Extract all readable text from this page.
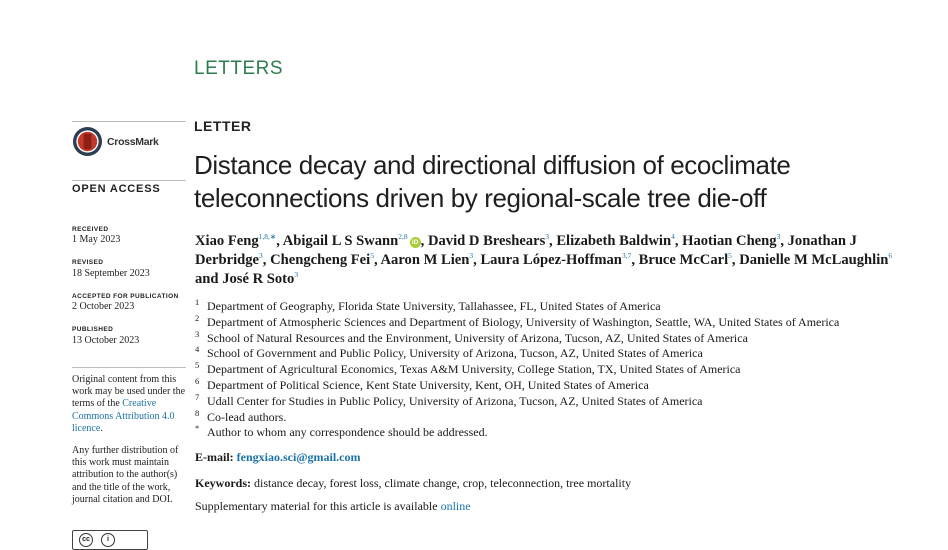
LETTERS
CrossMark
OPEN ACCESS
RECEIVED
1 May 2023
REVISED
18 September 2023
ACCEPTED FOR PUBLICATION
2 October 2023
PUBLISHED
13 October 2023
Original content from this work may be used under the terms of the Creative Commons Attribution 4.0 licence.
Any further distribution of this work must maintain attribution to the author(s) and the title of the work, journal citation and DOI.
cc	i
LETTER
Distance decay and directional diffusion of ecoclimate teleconnections driven by regional-scale tree die-off
Xiao Feng$^{1,8,∗}$, Abigail L S Swann$^{2,8}$iD , David D Breshears$^3$, Elizabeth Baldwin$^4$, Haotian Cheng$^3$, Jonathan J Derbridge$^3$, Chengcheng Fei$^5$, Aaron M Lien$^3$, Laura López-Hoffman$^{3,7}$, Bruce McCarl$^5$, Danielle M McLaughlin$^6$ and José R Soto$^3$
1 Department of Geography, Florida State University, Tallahassee, FL, United States of America
2 Department of Atmospheric Sciences and Department of Biology, University of Washington, Seattle, WA, United States of America
3 School of Natural Resources and the Environment, University of Arizona, Tucson, AZ, United States of America
4 School of Government and Public Policy, University of Arizona, Tucson, AZ, United States of America
5 Department of Agricultural Economics, Texas A&M University, College Station, TX, United States of America
6 Department of Political Science, Kent State University, Kent, OH, United States of America
7 Udall Center for Studies in Public Policy, University of Arizona, Tucson, AZ, United States of America
8 Co-lead authors.
* Author to whom any correspondence should be addressed.
E-mail: fengxiao.sci@gmail.com
Keywords: distance decay, forest loss, climate change, crop, teleconnection, tree mortality
Supplementary material for this article is available online
